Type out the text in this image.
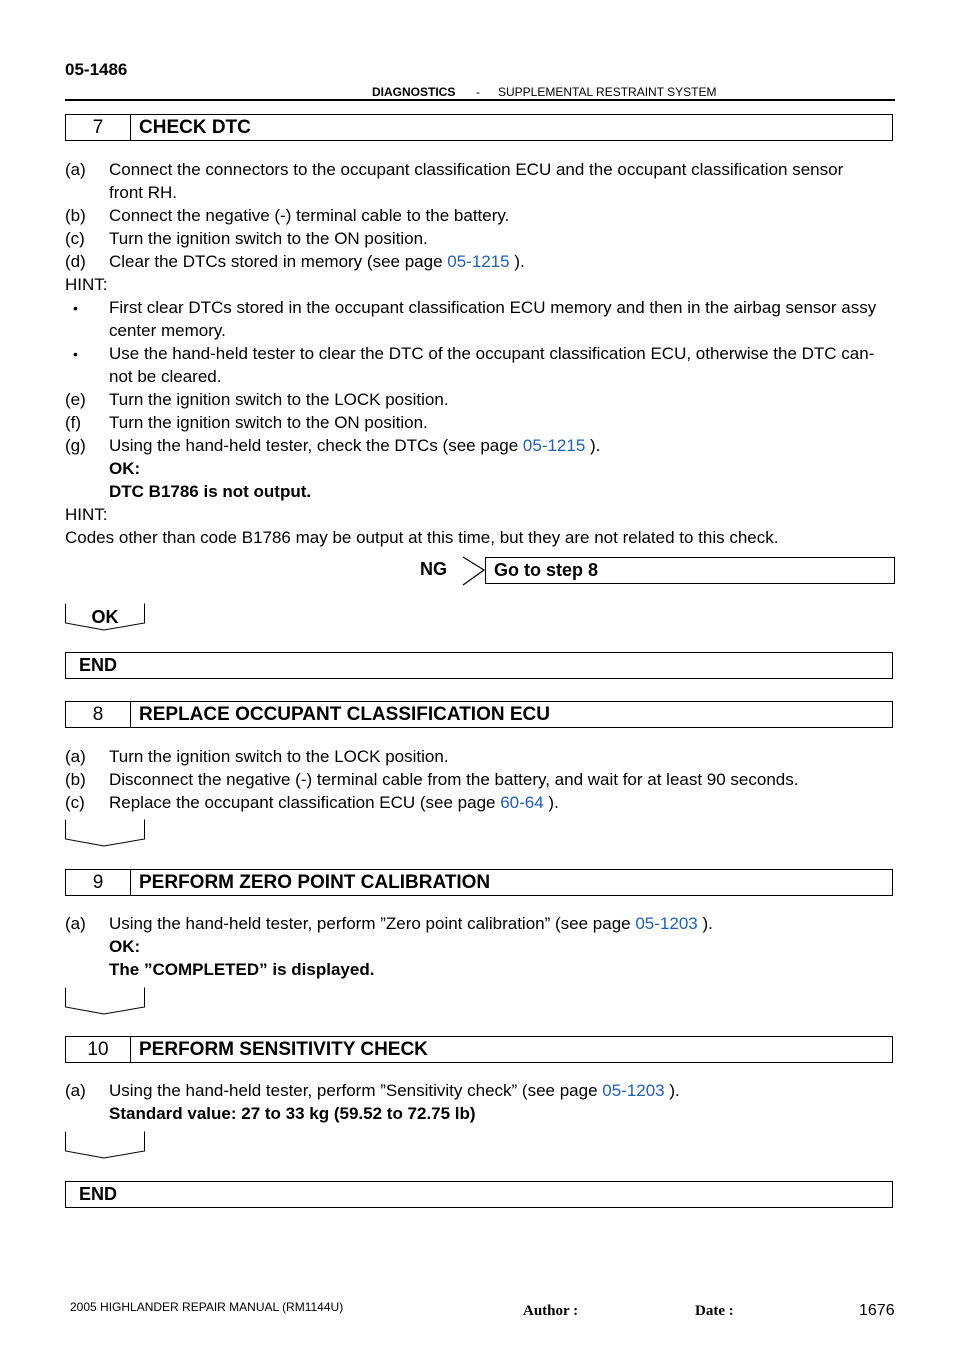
05-1486
DIAGNOSTICS - SUPPLEMENTAL RESTRAINT SYSTEM
7	CHECK DTC
(a) Connect the connectors to the occupant classification ECU and the occupant classification sensor
front RH.
(b) Connect the negative (-) terminal cable to the battery.
(c) Turn the ignition switch to the ON position.
(d) Clear the DTCs stored in memory (see page 05-1215 ).
HINT:
• First clear DTCs stored in the occupant classification ECU memory and then in the airbag sensor assy
center memory.
• Use the hand-held tester to clear the DTC of the occupant classification ECU, otherwise the DTC can-
not be cleared.
(e) Turn the ignition switch to the LOCK position.
(f) Turn the ignition switch to the ON position.
(g) Using the hand-held tester, check the DTCs (see page 05-1215 ).
OK:
DTC B1786 is not output.
HINT:
Codes other than code B1786 may be output at this time, but they are not related to this check.
NG	Go to step 8
OK
END
8	REPLACE OCCUPANT CLASSIFICATION ECU
(a) Turn the ignition switch to the LOCK position.
(b) Disconnect the negative (-) terminal cable from the battery, and wait for at least 90 seconds.
(c) Replace the occupant classification ECU (see page 60-64 ).
9	PERFORM ZERO POINT CALIBRATION
(a) Using the hand-held tester, perform ”Zero point calibration” (see page 05-1203 ).
OK:
The ”COMPLETED” is displayed.
10	PERFORM SENSITIVITY CHECK
(a) Using the hand-held tester, perform ”Sensitivity check” (see page 05-1203 ).
Standard value: 27 to 33 kg (59.52 to 72.75 lb)
END
2005 HIGHLANDER REPAIR MANUAL (RM1144U)	Author :	Date :	1676
